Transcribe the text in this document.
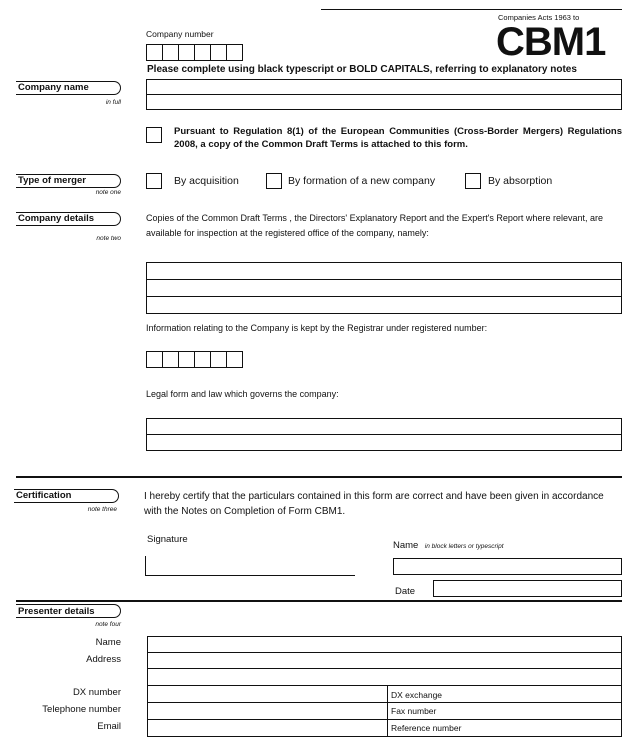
Companies Acts 1963 to
CBM1
Company number
Please complete using black typescript or BOLD CAPITALS, referring to explanatory notes
Company name
in full
Pursuant to Regulation 8(1) of the European Communities (Cross-Border Mergers) Regulations 2008, a copy of the Common Draft Terms is attached to this form.
Type of merger
note one
By acquisition	By formation of a new company	By absorption
Company details
note two
Copies of the Common Draft Terms , the Directors' Explanatory Report and the Expert's Report where relevant, are available for inspection at the registered office of the company, namely:
Information relating to the Company is kept by the Registrar under registered number:
Legal form and law which governs the company:
Certification
note three
I hereby certify that the particulars contained in this form are correct and have been given in accordance with the Notes on Completion of Form CBM1.
Signature
Name in block letters or typescript
Date
Presenter details
note four
Name
Address
DX number
Telephone number
Email
DX exchange
Fax number
Reference number
